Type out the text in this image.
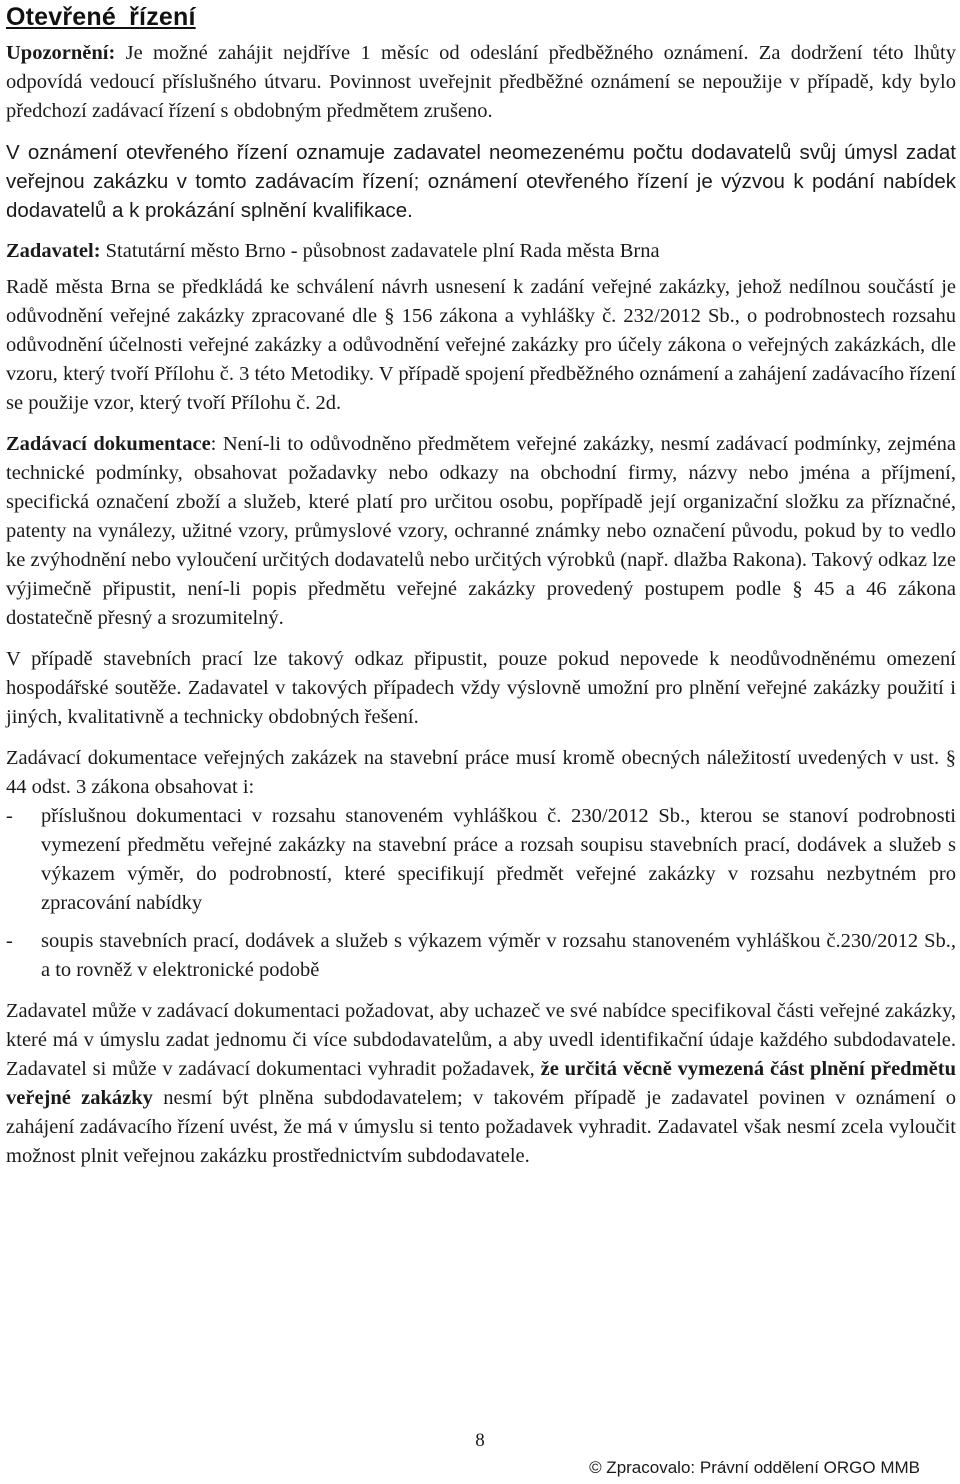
Otevřené řízení

Upozornění: Je možné zahájit nejdříve 1 měsíc od odeslání předběžného oznámení. Za dodržení této lhůty odpovídá vedoucí příslušného útvaru. Povinnost uveřejnit předběžné oznámení se nepoužije v případě, kdy bylo předchozí zadávací řízení s obdobným předmětem zrušeno.

V oznámení otevřeného řízení oznamuje zadavatel neomezenému počtu dodavatelů svůj úmysl zadat veřejnou zakázku v tomto zadávacím řízení; oznámení otevřeného řízení je výzvou k podání nabídek dodavatelů a k prokázání splnění kvalifikace.

Zadavatel: Statutární město Brno - působnost zadavatele plní Rada města Brna

Radě města Brna se předkládá ke schválení návrh usnesení k zadání veřejné zakázky, jehož nedílnou součástí je odůvodnění veřejné zakázky zpracované dle § 156 zákona a vyhlášky č. 232/2012 Sb., o podrobnostech rozsahu odůvodnění účelnosti veřejné zakázky a odůvodnění veřejné zakázky pro účely zákona o veřejných zakázkách, dle vzoru, který tvoří Přílohu č. 3 této Metodiky. V případě spojení předběžného oznámení a zahájení zadávacího řízení se použije vzor, který tvoří Přílohu č. 2d.

Zadávací dokumentace: Není-li to odůvodněno předmětem veřejné zakázky, nesmí zadávací podmínky, zejména technické podmínky, obsahovat požadavky nebo odkazy na obchodní firmy, názvy nebo jména a příjmení, specifická označení zboží a služeb, které platí pro určitou osobu, popřípadě její organizační složku za příznačné, patenty na vynálezy, užitné vzory, průmyslové vzory, ochranné známky nebo označení původu, pokud by to vedlo ke zvýhodnění nebo vyloučení určitých dodavatelů nebo určitých výrobků (např. dlažba Rakona). Takový odkaz lze výjimečně připustit, není-li popis předmětu veřejné zakázky provedený postupem podle § 45 a 46 zákona dostatečně přesný a srozumitelný.

V případě stavebních prací lze takový odkaz připustit, pouze pokud nepovede k neodůvodněnému omezení hospodářské soutěže. Zadavatel v takových případech vždy výslovně umožní pro plnění veřejné zakázky použití i jiných, kvalitativně a technicky obdobných řešení.

Zadávací dokumentace veřejných zakázek na stavební práce musí kromě obecných náležitostí uvedených v ust. § 44 odst. 3 zákona obsahovat i:

- příslušnou dokumentaci v rozsahu stanoveném vyhláškou č. 230/2012 Sb., kterou se stanoví podrobnosti vymezení předmětu veřejné zakázky na stavební práce a rozsah soupisu stavebních prací, dodávek a služeb s výkazem výměr, do podrobností, které specifikují předmět veřejné zakázky v rozsahu nezbytném pro zpracování nabídky
- soupis stavebních prací, dodávek a služeb s výkazem výměr v rozsahu stanoveném vyhláškou č.230/2012 Sb., a to rovněž v elektronické podobě

Zadavatel může v zadávací dokumentaci požadovat, aby uchazeč ve své nabídce specifikoval části veřejné zakázky, které má v úmyslu zadat jednomu či více subdodavatelům, a aby uvedl identifikační údaje každého subdodavatele. Zadavatel si může v zadávací dokumentaci vyhradit požadavek, že určitá věcně vymezená část plnění předmětu veřejné zakázky nesmí být plněna subdodavatelem; v takovém případě je zadavatel povinen v oznámení o zahájení zadávacího řízení uvést, že má v úmyslu si tento požadavek vyhradit. Zadavatel však nesmí zcela vyloučit možnost plnit veřejnou zakázku prostřednictvím subdodavatele.

8
© Zpracovalo: Právní oddělení ORGO MMB
